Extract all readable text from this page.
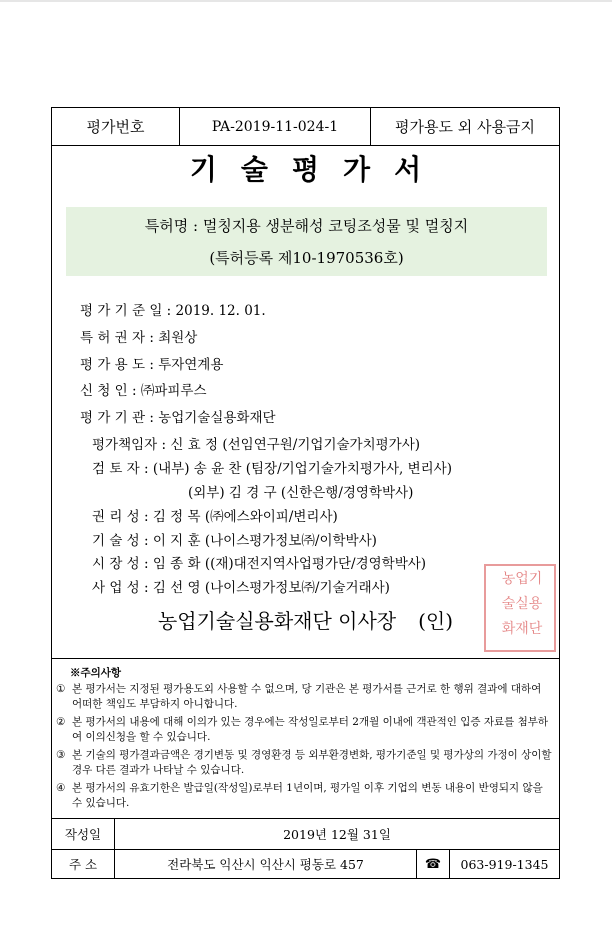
평가번호	PA-2019-11-024-1	평가용도 외 사용금지
기술평가서
특허명 : 멀칭지용 생분해성 코팅조성물 및 멀칭지
(특허등록 제10-1970536호)
평 가 기 준 일 : 2019. 12. 01.
특 허 권 자 : 최원상
평 가 용 도 : 투자연계용
신 청 인 : ㈜파피루스
평 가 기 관 : 농업기술실용화재단
평가책임자 : 신 효 정 (선임연구원/기업기술가치평가사)
검 토 자 : (내부) 송 윤 찬 (팀장/기업기술가치평가사, 변리사)
(외부) 김 경 구 (신한은행/경영학박사)
권 리 성 : 김 정 목 (㈜에스와이피/변리사)
기 술 성 : 이 지 훈 (나이스평가정보㈜/이학박사)
시 장 성 : 임 종 화 ((재)대전지역사업평가단/경영학박사)
사 업 성 : 김 선 영 (나이스평가정보㈜/기술거래사)
농업기
술실용
화재단
농업기술실용화재단 이사장 (인)
※주의사항
① 본 평가서는 지정된 평가용도외 사용할 수 없으며, 당 기관은 본 평가서를 근거로 한 행위 결과에 대하여 어떠한 책임도 부담하지 아니합니다.
② 본 평가서의 내용에 대해 이의가 있는 경우에는 작성일로부터 2개월 이내에 객관적인 입증 자료를 첨부하여 이의신청을 할 수 있습니다.
③ 본 기술의 평가결과금액은 경기변동 및 경영환경 등 외부환경변화, 평가기준일 및 평가상의 가정이 상이할 경우 다른 결과가 나타날 수 있습니다.
④ 본 평가서의 유효기한은 발급일(작성일)로부터 1년이며, 평가일 이후 기업의 변동 내용이 반영되지 않을 수 있습니다.
작성일	2019년 12월 31일
주 소	전라북도 익산시 익산시 평동로 457	☎	063-919-1345
